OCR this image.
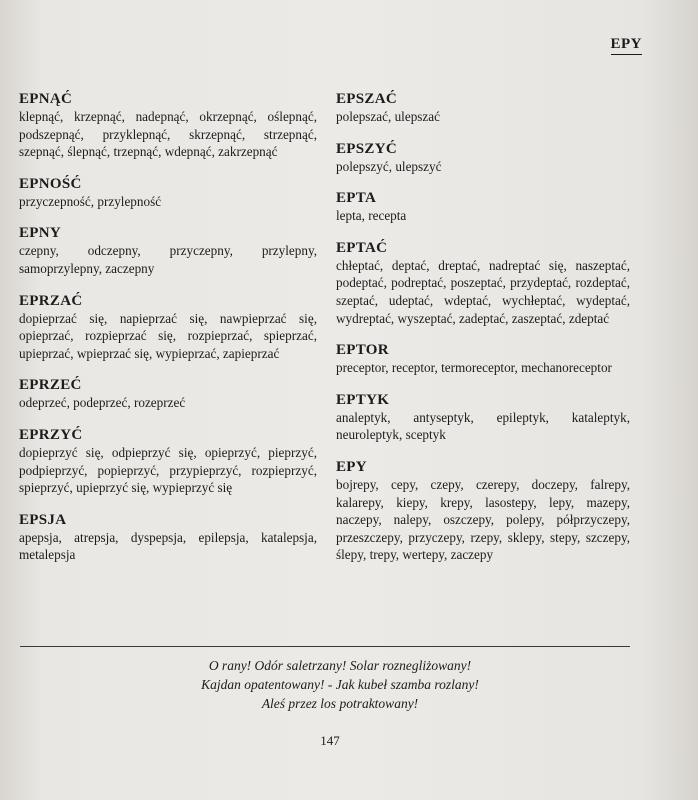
EPY
EPNĄĆ
klepnąć, krzepnąć, nadepnąć, okrzepnąć, oślepnąć, podszepnąć, przyklepnąć, skrzepnąć, strzepnąć, szepnąć, ślepnąć, trzepnąć, wdepnąć, zakrzepnąć
EPNOŚĆ
przyczepność, przylepność
EPNY
czepny, odczepny, przyczepny, przylepny, samoprzylepny, zaczepny
EPRZAĆ
dopieprzać się, napieprzać się, nawpieprzać się, opieprzać, rozpieprzać się, rozpieprzać, spieprzać, upieprzać, wpieprzać się, wypieprzać, zapieprzać
EPRZEĆ
odeprzeć, podeprzeć, rozeprzeć
EPRZYĆ
dopieprzyć się, odpieprzyć się, opieprzyć, pieprzyć, podpieprzyć, popieprzyć, przypieprzyć, rozpieprzyć, spieprzyć, upieprzyć się, wypieprzyć się
EPSJA
apepsja, atrepsja, dyspepsja, epilepsja, katalepsja, metalepsja
EPSZAĆ
polepszać, ulepszać
EPSZYĆ
polepszyć, ulepszyć
EPTA
lepta, recepta
EPTAĆ
chłeptać, deptać, dreptać, nadreptać się, naszeptać, podeptać, podreptać, poszeptać, przydeptać, rozdeptać, szeptać, udeptać, wdeptać, wychłeptać, wydeptać, wydreptać, wyszeptać, zadeptać, zaszeptać, zdeptać
EPTOR
preceptor, receptor, termoreceptor, mechanoreceptor
EPTYK
analeptyk, antyseptyk, epileptyk, kataleptyk, neuroleptyk, sceptyk
EPY
bojrepy, cepy, czepy, czerepy, doczepy, falrepy, kalarepy, kiepy, krepy, lasostepy, lepy, mazepy, naczepy, nalepy, oszczepy, polepy, półprzyczepy, przeszczepy, przyczepy, rzepy, sklepy, stepy, szczepy, ślepy, trepy, wertepy, zaczepy
O rany! Odór saletrzany! Solar roznegliżowany!
Kajdan opatentowany! - Jak kubeł szamba rozlany!
Aleś przez los potraktowany!
147
